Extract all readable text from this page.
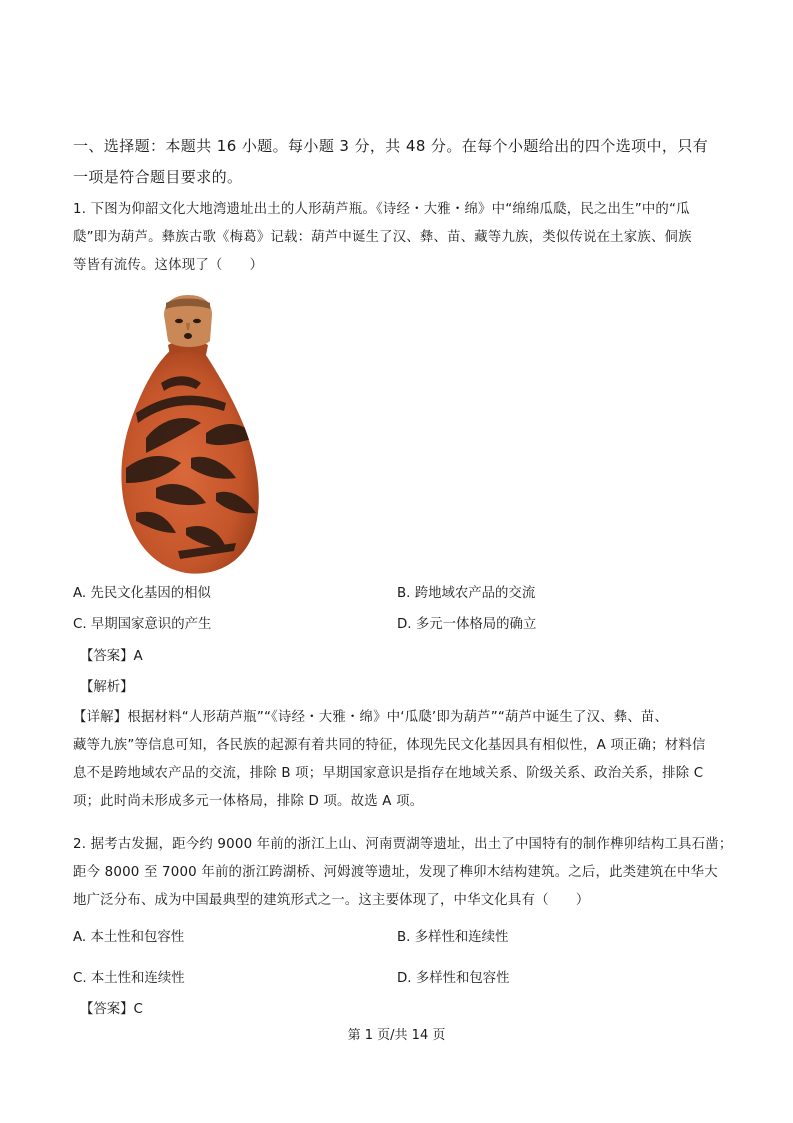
一、选择题：本题共 16 小题。每小题 3 分，共 48 分。在每个小题给出的四个选项中，只有
一项是符合题目要求的。
1. 下图为仰韶文化大地湾遗址出土的人形葫芦瓶。《诗经・大雅・绵》中“绵绵瓜瓞，民之出生”中的“瓜
瓞”即为葫芦。彝族古歌《梅葛》记载：葫芦中诞生了汉、彝、苗、藏等九族，类似传说在土家族、侗族
等皆有流传。这体现了（　　）
A. 先民文化基因的相似	B. 跨地域农产品的交流
C. 早期国家意识的产生	D. 多元一体格局的确立
【答案】A
【解析】
【详解】根据材料“人形葫芦瓶”“《诗经・大雅・绵》中‘瓜瓞’即为葫芦”“葫芦中诞生了汉、彝、苗、
藏等九族”等信息可知，各民族的起源有着共同的特征，体现先民文化基因具有相似性，A 项正确；材料信
息不是跨地域农产品的交流，排除 B 项；早期国家意识是指存在地域关系、阶级关系、政治关系，排除 C
项；此时尚未形成多元一体格局，排除 D 项。故选 A 项。
2. 据考古发掘，距今约 9000 年前的浙江上山、河南贾湖等遗址，出土了中国特有的制作榫卯结构工具石凿；
距今 8000 至 7000 年前的浙江跨湖桥、河姆渡等遗址，发现了榫卯木结构建筑。之后，此类建筑在中华大
地广泛分布、成为中国最典型的建筑形式之一。这主要体现了，中华文化具有（　　）
A. 本土性和包容性	B. 多样性和连续性
C. 本土性和连续性	D. 多样性和包容性
【答案】C
第 1 页/共 14 页
